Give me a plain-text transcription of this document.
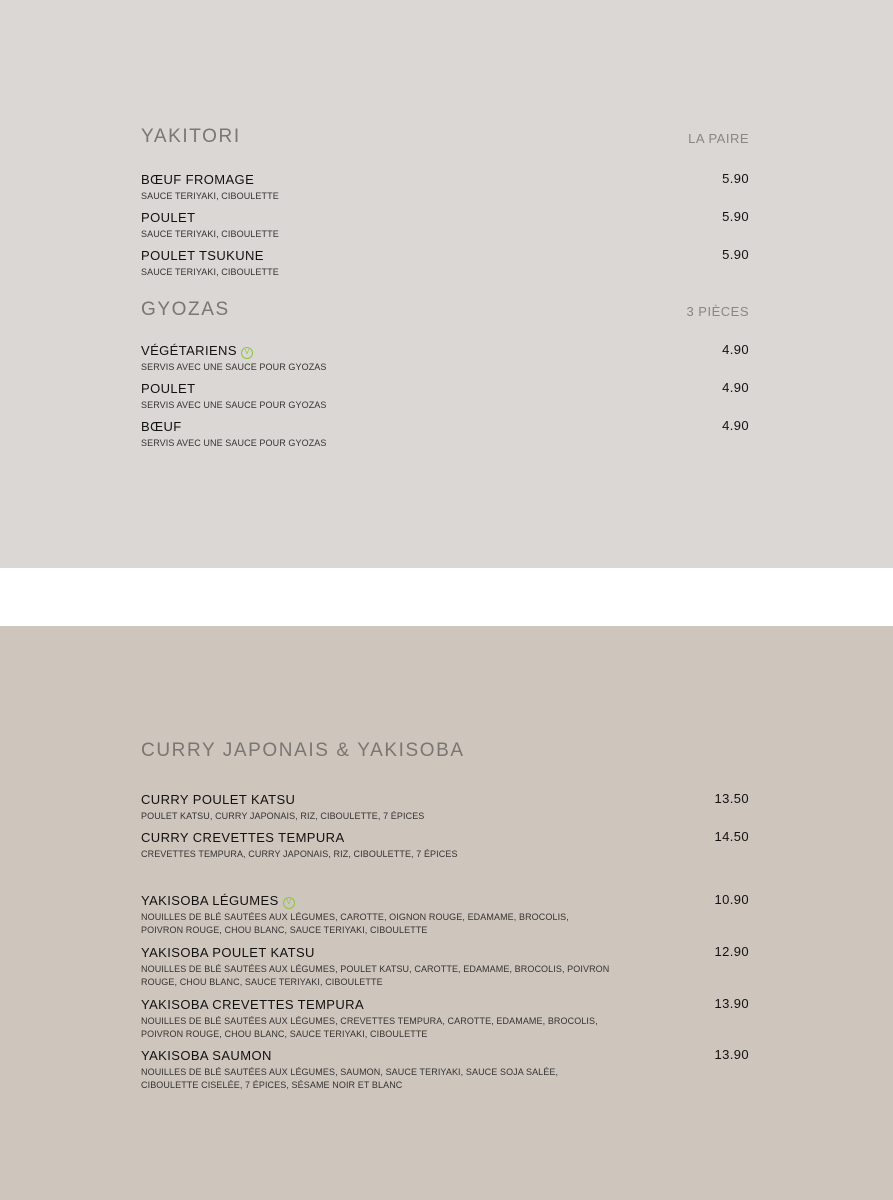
YAKITORI	LA PAIRE
BŒUF FROMAGE	5.90
SAUCE TERIYAKI, CIBOULETTE
POULET	5.90
SAUCE TERIYAKI, CIBOULETTE
POULET TSUKUNE	5.90
SAUCE TERIYAKI, CIBOULETTE
GYOZAS	3 PIÈCES
VÉGÉTARIENS V	4.90
SERVIS AVEC UNE SAUCE POUR GYOZAS
POULET	4.90
SERVIS AVEC UNE SAUCE POUR GYOZAS
BŒUF	4.90
SERVIS AVEC UNE SAUCE POUR GYOZAS
CURRY JAPONAIS & YAKISOBA
CURRY POULET KATSU	13.50
POULET KATSU, CURRY JAPONAIS, RIZ, CIBOULETTE, 7 ÉPICES
CURRY CREVETTES TEMPURA	14.50
CREVETTES TEMPURA, CURRY JAPONAIS, RIZ, CIBOULETTE, 7 ÉPICES
YAKISOBA LÉGUMES V	10.90
NOUILLES DE BLÉ SAUTÉES AUX LÉGUMES, CAROTTE, OIGNON ROUGE, EDAMAME, BROCOLIS, POIVRON ROUGE, CHOU BLANC, SAUCE TERIYAKI, CIBOULETTE
YAKISOBA POULET KATSU	12.90
NOUILLES DE BLÉ SAUTÉES AUX LÉGUMES, POULET KATSU, CAROTTE, EDAMAME, BROCOLIS, POIVRON ROUGE, CHOU BLANC, SAUCE TERIYAKI, CIBOULETTE
YAKISOBA CREVETTES TEMPURA	13.90
NOUILLES DE BLÉ SAUTÉES AUX LÉGUMES, CREVETTES TEMPURA, CAROTTE, EDAMAME, BROCOLIS, POIVRON ROUGE, CHOU BLANC, SAUCE TERIYAKI, CIBOULETTE
YAKISOBA SAUMON	13.90
NOUILLES DE BLÉ SAUTÉES AUX LÉGUMES, SAUMON, SAUCE TERIYAKI, SAUCE SOJA SALÉE, CIBOULETTE CISELÉE, 7 ÉPICES, SÉSAME NOIR ET BLANC
